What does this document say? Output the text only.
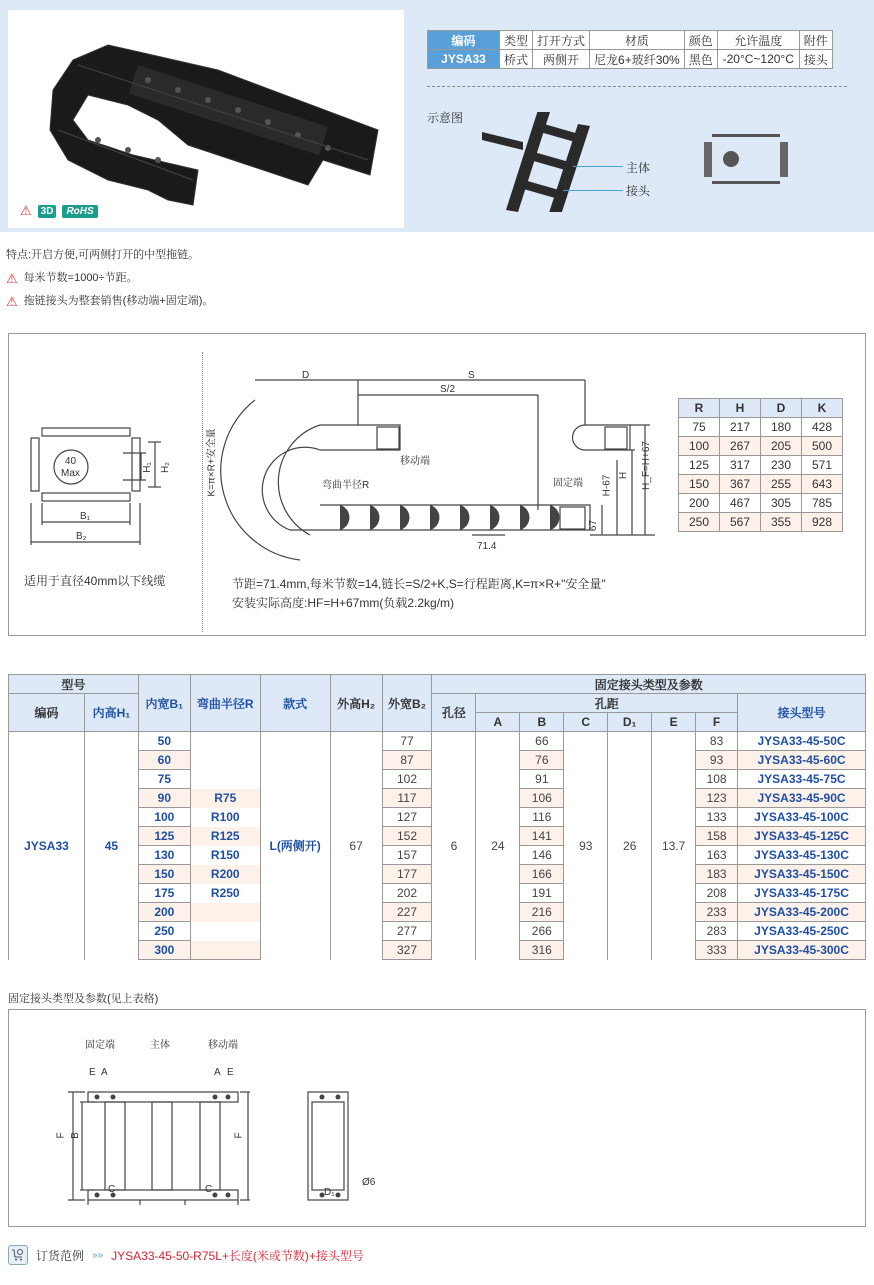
⚠ 3D	RoHS
编码	类型	打开方式	材质	颜色	允许温度	附件
JYSA33	桥式	两侧开	尼龙6+玻纤30%	黑色	-20°C~120°C	接头
示意图
主体
接头
特点:开启方便,可两侧打开的中型拖链。
⚠ 每米节数=1000÷节距。
⚠ 拖链接头为整套销售(移动端+固定端)。
40
Max
H₁ H₂
B₁
B₂
适用于直径40mm以下线缆
D	S
S/2
K=π×R+安全量	移动端
弯曲半径R	固定端 H-67 H H_F=H+67
67
71.4
R	H	D	K
75	217	180	428
100	267	205	500
125	317	230	571
150	367	255	643
200	467	305	785
250	567	355	928
节距=71.4mm,每米节数=14,链长=S/2+K,S=行程距离,K=π×R+"安全量"
安装实际高度:HF=H+67mm(负载2.2kg/m)
型号		内宽B₁	弯曲半径R	款式	外高H₂	外宽B₂	固定接头类型及参数							
编码	内高H₁						孔径	孔距						接头型号
								A	B	C	D₁	E	F	
JYSA33	45	50		L(两侧开)	67	77	6	24	66	93	26	13.7	83	JYSA33-45-50C
		60				87			76				93	JYSA33-45-60C
		75				102			91				108	JYSA33-45-75C
		90	R75			117			106				123	JYSA33-45-90C
		100	R100			127			116				133	JYSA33-45-100C
		125	R125			152			141				158	JYSA33-45-125C
		130	R150			157			146				163	JYSA33-45-130C
		150	R200			177			166				183	JYSA33-45-150C
		175	R250			202			191				208	JYSA33-45-175C
		200				227			216				233	JYSA33-45-200C
		250				277			266				283	JYSA33-45-250C
		300				327			316				333	JYSA33-45-300C
固定接头类型及参数(见上表格)
固定端	主体	移动端
E A	A E
F B	F
C	C	D₁
Ø6
订货范例 »» JYSA33-45-50-R75L+长度(米或节数)+接头型号
